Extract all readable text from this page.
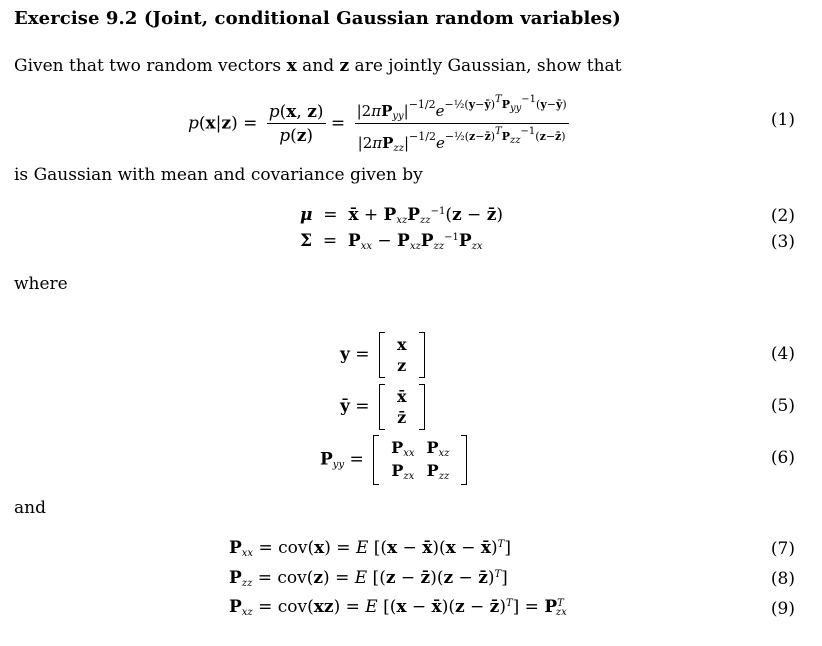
Exercise 9.2 (Joint, conditional Gaussian random variables)
Given that two random vectors x and z are jointly Gaussian, show that
$p(x|z) = \frac{p(x, z)}{p(z)} = \frac{|2\pi P_{yy}|^{-1/2}e^{-\frac{1}{2}(y-ȳ)^TP_{yy}^{-1}(y-ȳ)}}{|2\pi P_{zz}|^{-1/2}e^{-\frac{1}{2}(z-z̄)^TP_{zz}^{-1}(z-z̄)}}$	(1)
is Gaussian with mean and covariance given by
μ  =  x̄ + $P_{xz}P_{zz}^{-1}(z$ − z̄)	(2)
$\Sigma = P_{xx} - P_{xz}P_{zz}^{-1}P_{zx}$	(3)
where
y = x
z
(4)
ȳ = x̄
z̄
(5)
$P_{yy}$ =
$P_{xx}$	$P_{xz}$
$P_{zx}$	$P_{zz}$
(6)
and
$P_{xx} = cov(x) = E$ [(x − x̄)(x − x̄)$^T$]	(7)
$P_{zz} = cov(z) = E$ [(z − z̄)(z − z̄)$^T$]	(8)
$P_{xz} = cov(xz) = E$ [(x − x̄)(z − z̄)$^T$] = $P^T_{zx}$	(9)
